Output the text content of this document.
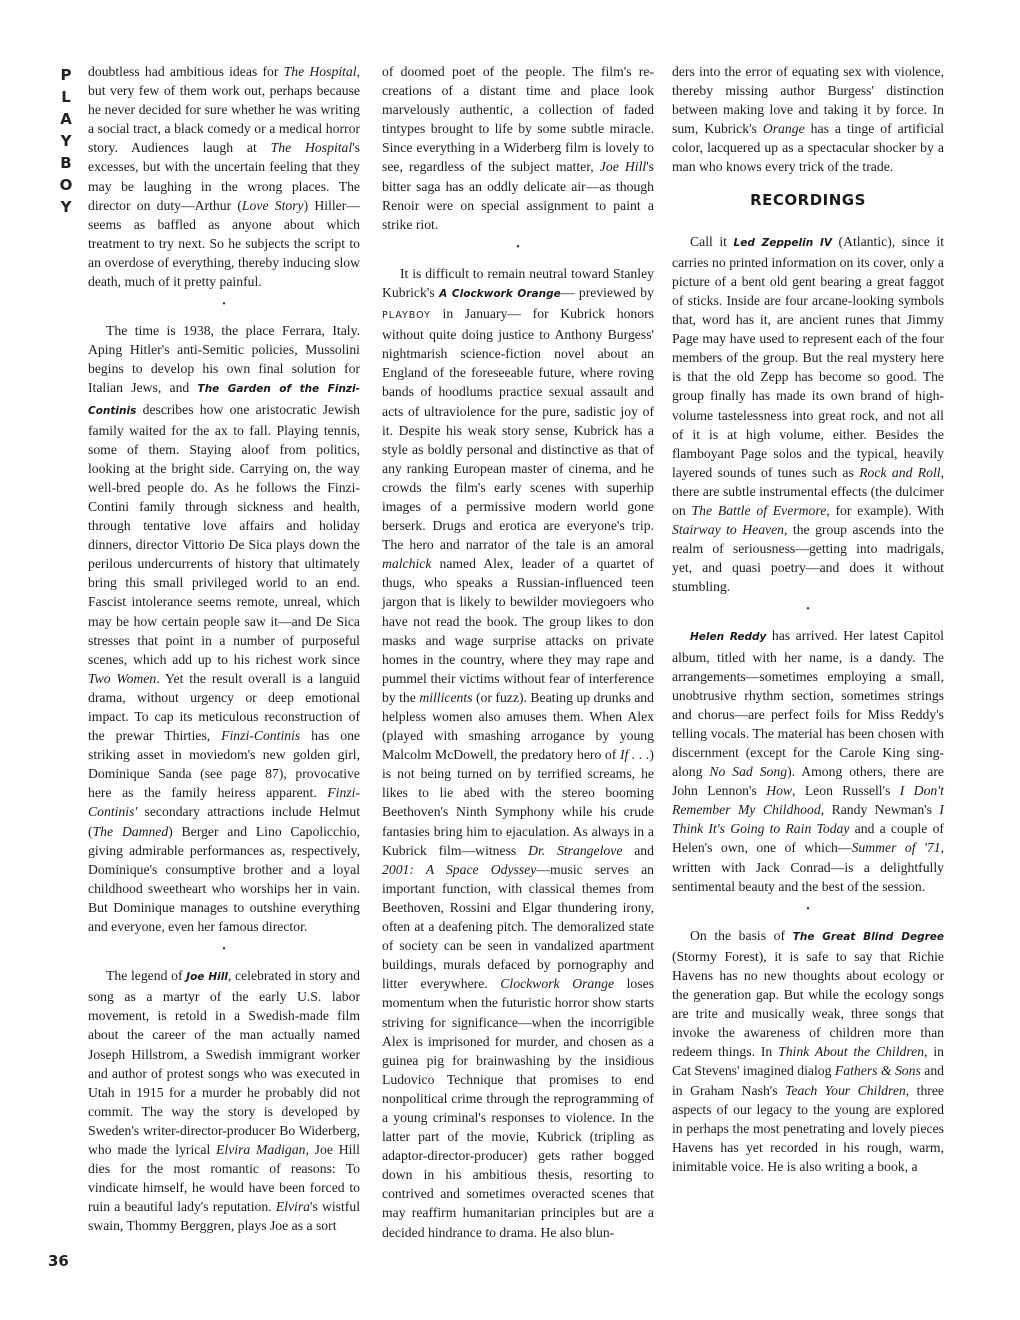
P
L
A
Y
B
O
Y
36

doubtless had ambitious ideas for The Hospital, but very few of them work out, perhaps because he never decided for sure whether he was writing a social tract, a black comedy or a medical horror story. Audiences laugh at The Hospital's excesses, but with the uncertain feeling that they may be laughing in the wrong places. The director on duty—Arthur (Love Story) Hiller—seems as baffled as anyone about which treatment to try next. So he subjects the script to an overdose of everything, thereby inducing slow death, much of it pretty painful.

•

The time is 1938, the place Ferrara, Italy. Aping Hitler's anti-Semitic policies, Mussolini begins to develop his own final solution for Italian Jews, and The Garden of the Finzi-Continis describes how one aristocratic Jewish family waited for the ax to fall. Playing tennis, some of them. Staying aloof from politics, looking at the bright side. Carrying on, the way well-bred people do. As he follows the Finzi-Contini family through sickness and health, through tentative love affairs and holiday dinners, director Vittorio De Sica plays down the perilous undercurrents of history that ultimately bring this small privileged world to an end. Fascist intolerance seems remote, unreal, which may be how certain people saw it—and De Sica stresses that point in a number of purposeful scenes, which add up to his richest work since Two Women. Yet the result overall is a languid drama, without urgency or deep emotional impact. To cap its meticulous reconstruction of the prewar Thirties, Finzi-Continis has one striking asset in moviedom's new golden girl, Dominique Sanda (see page 87), provocative here as the family heiress apparent. Finzi-Continis' secondary attractions include Helmut (The Damned) Berger and Lino Capolicchio, giving admirable performances as, respectively, Dominique's consumptive brother and a loyal childhood sweetheart who worships her in vain. But Dominique manages to outshine everything and everyone, even her famous director.

•

The legend of Joe Hill, celebrated in story and song as a martyr of the early U.S. labor movement, is retold in a Swedish-made film about the career of the man actually named Joseph Hillstrom, a Swedish immigrant worker and author of protest songs who was executed in Utah in 1915 for a murder he probably did not commit. The way the story is developed by Sweden's writer-director-producer Bo Widerberg, who made the lyrical Elvira Madigan, Joe Hill dies for the most romantic of reasons: To vindicate himself, he would have been forced to ruin a beautiful lady's reputation. Elvira's wistful swain, Thommy Berggren, plays Joe as a sort

of doomed poet of the people. The film's re-creations of a distant time and place look marvelously authentic, a collection of faded tintypes brought to life by some subtle miracle. Since everything in a Widerberg film is lovely to see, regardless of the subject matter, Joe Hill's bitter saga has an oddly delicate air—as though Renoir were on special assignment to paint a strike riot.

•

It is difficult to remain neutral toward Stanley Kubrick's A Clockwork Orange— previewed by PLAYBOY in January— for Kubrick honors without quite doing justice to Anthony Burgess' nightmarish science-fiction novel about an England of the foreseeable future, where roving bands of hoodlums practice sexual assault and acts of ultraviolence for the pure, sadistic joy of it. Despite his weak story sense, Kubrick has a style as boldly personal and distinctive as that of any ranking European master of cinema, and he crowds the film's early scenes with superhip images of a permissive modern world gone berserk. Drugs and erotica are everyone's trip. The hero and narrator of the tale is an amoral malchick named Alex, leader of a quartet of thugs, who speaks a Russian-influenced teen jargon that is likely to bewilder moviegoers who have not read the book. The group likes to don masks and wage surprise attacks on private homes in the country, where they may rape and pummel their victims without fear of interference by the millicents (or fuzz). Beating up drunks and helpless women also amuses them. When Alex (played with smashing arrogance by young Malcolm McDowell, the predatory hero of If . . .) is not being turned on by terrified screams, he likes to lie abed with the stereo booming Beethoven's Ninth Symphony while his crude fantasies bring him to ejaculation. As always in a Kubrick film—witness Dr. Strangelove and 2001: A Space Odyssey—music serves an important function, with classical themes from Beethoven, Rossini and Elgar thundering irony, often at a deafening pitch. The demoralized state of society can be seen in vandalized apartment buildings, murals defaced by pornography and litter everywhere. Clockwork Orange loses momentum when the futuristic horror show starts striving for significance—when the incorrigible Alex is imprisoned for murder, and chosen as a guinea pig for brainwashing by the insidious Ludovico Technique that promises to end nonpolitical crime through the reprogramming of a young criminal's responses to violence. In the latter part of the movie, Kubrick (tripling as adaptor-director-producer) gets rather bogged down in his ambitious thesis, resorting to contrived and sometimes overacted scenes that may reaffirm humanitarian principles but are a decided hindrance to drama. He also blun-

ders into the error of equating sex with violence, thereby missing author Burgess' distinction between making love and taking it by force. In sum, Kubrick's Orange has a tinge of artificial color, lacquered up as a spectacular shocker by a man who knows every trick of the trade.

RECORDINGS

Call it Led Zeppelin IV (Atlantic), since it carries no printed information on its cover, only a picture of a bent old gent bearing a great faggot of sticks. Inside are four arcane-looking symbols that, word has it, are ancient runes that Jimmy Page may have used to represent each of the four members of the group. But the real mystery here is that the old Zepp has become so good. The group finally has made its own brand of high-volume tastelessness into great rock, and not all of it is at high volume, either. Besides the flamboyant Page solos and the typical, heavily layered sounds of tunes such as Rock and Roll, there are subtle instrumental effects (the dulcimer on The Battle of Evermore, for example). With Stairway to Heaven, the group ascends into the realm of seriousness—getting into madrigals, yet, and quasi poetry—and does it without stumbling.

•

Helen Reddy has arrived. Her latest Capitol album, titled with her name, is a dandy. The arrangements—sometimes employing a small, unobtrusive rhythm section, sometimes strings and chorus—are perfect foils for Miss Reddy's telling vocals. The material has been chosen with discernment (except for the Carole King sing-along No Sad Song). Among others, there are John Lennon's How, Leon Russell's I Don't Remember My Childhood, Randy Newman's I Think It's Going to Rain Today and a couple of Helen's own, one of which—Summer of '71, written with Jack Conrad—is a delightfully sentimental beauty and the best of the session.

•

On the basis of The Great Blind Degree (Stormy Forest), it is safe to say that Richie Havens has no new thoughts about ecology or the generation gap. But while the ecology songs are trite and musically weak, three songs that invoke the awareness of children more than redeem things. In Think About the Children, in Cat Stevens' imagined dialog Fathers & Sons and in Graham Nash's Teach Your Children, three aspects of our legacy to the young are explored in perhaps the most penetrating and lovely pieces Havens has yet recorded in his rough, warm, inimitable voice. He is also writing a book, a
